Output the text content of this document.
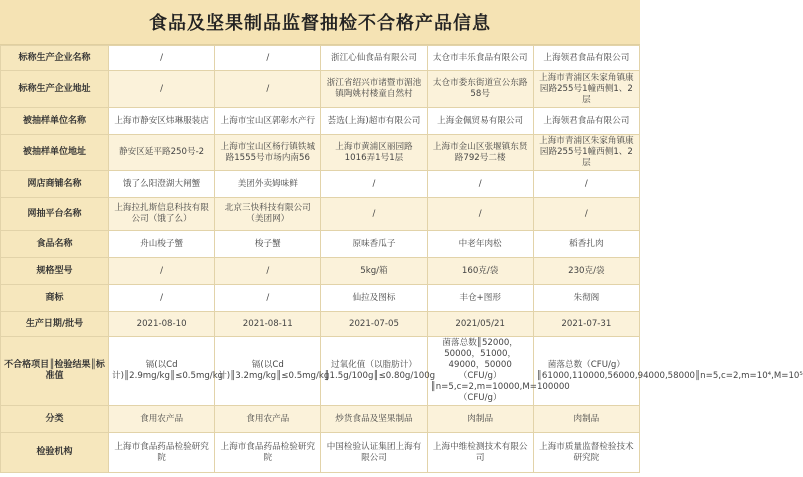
食品及坚果制品监督抽检不合格产品信息
标称生产企业名称	/	/	浙江心仙食品有限公司	太仓市丰乐食品有限公司	上海领君食品有限公司
标称生产企业地址	/	/	浙江省绍兴市诸暨市湄池镇陶姚村楼童自然村	太仓市娄东街道宣公东路58号	上海市青浦区朱家角镇康园路255号1幢西侧1、2层
被抽样单位名称	上海市静安区炜琳服装店	上海市宝山区郭彰水产行	荟选(上海)超市有限公司	上海金佩贸易有限公司	上海领君食品有限公司
被抽样单位地址	静安区延平路250号-2	上海市宝山区杨行镇铁城路1555号市场内南56	上海市黄浦区丽园路1016弄1号1层	上海市金山区张堰镇东贤路792号二楼	上海市青浦区朱家角镇康园路255号1幢西侧1、2层
网店商铺名称	饿了么阳澄湖大闸蟹	美团外卖姆味鲜	/	/	/
网抽平台名称	上海拉扎斯信息科技有限公司（饿了么）	北京三快科技有限公司（美团网）	/	/	/
食品名称	舟山梭子蟹	梭子蟹	原味香瓜子	中老年肉松	稻香扎肉
规格型号	/	/	5kg/箱	160克/袋	230克/袋
商标	/	/	仙拉及图标	丰仓+图形	朱彻阁
生产日期/批号	2021-08-10	2021-08-11	2021-07-05	2021/05/21	2021-07-31
不合格项目║检验结果║标准值	镉(以Cd计)║2.9mg/kg║≤0.5mg/kg	镉(以Cd计)║3.2mg/kg║≤0.5mg/kg	过氧化值（以脂肪计）║1.5g/100g║≤0.80g/100g	菌落总数║52000，50000，51000，49000，50000（CFU/g）║n=5,c=2,m=10000,M=100000（CFU/g）	菌落总数（CFU/g）║61000,110000,56000,94000,58000║n=5,c=2,m=10⁴,M=10⁵
分类	食用农产品	食用农产品	炒货食品及坚果制品	肉制品	肉制品
检验机构	上海市食品药品检验研究院	上海市食品药品检验研究院	中国检验认证集团上海有限公司	上海中维检测技术有限公司	上海市质量监督检验技术研究院
